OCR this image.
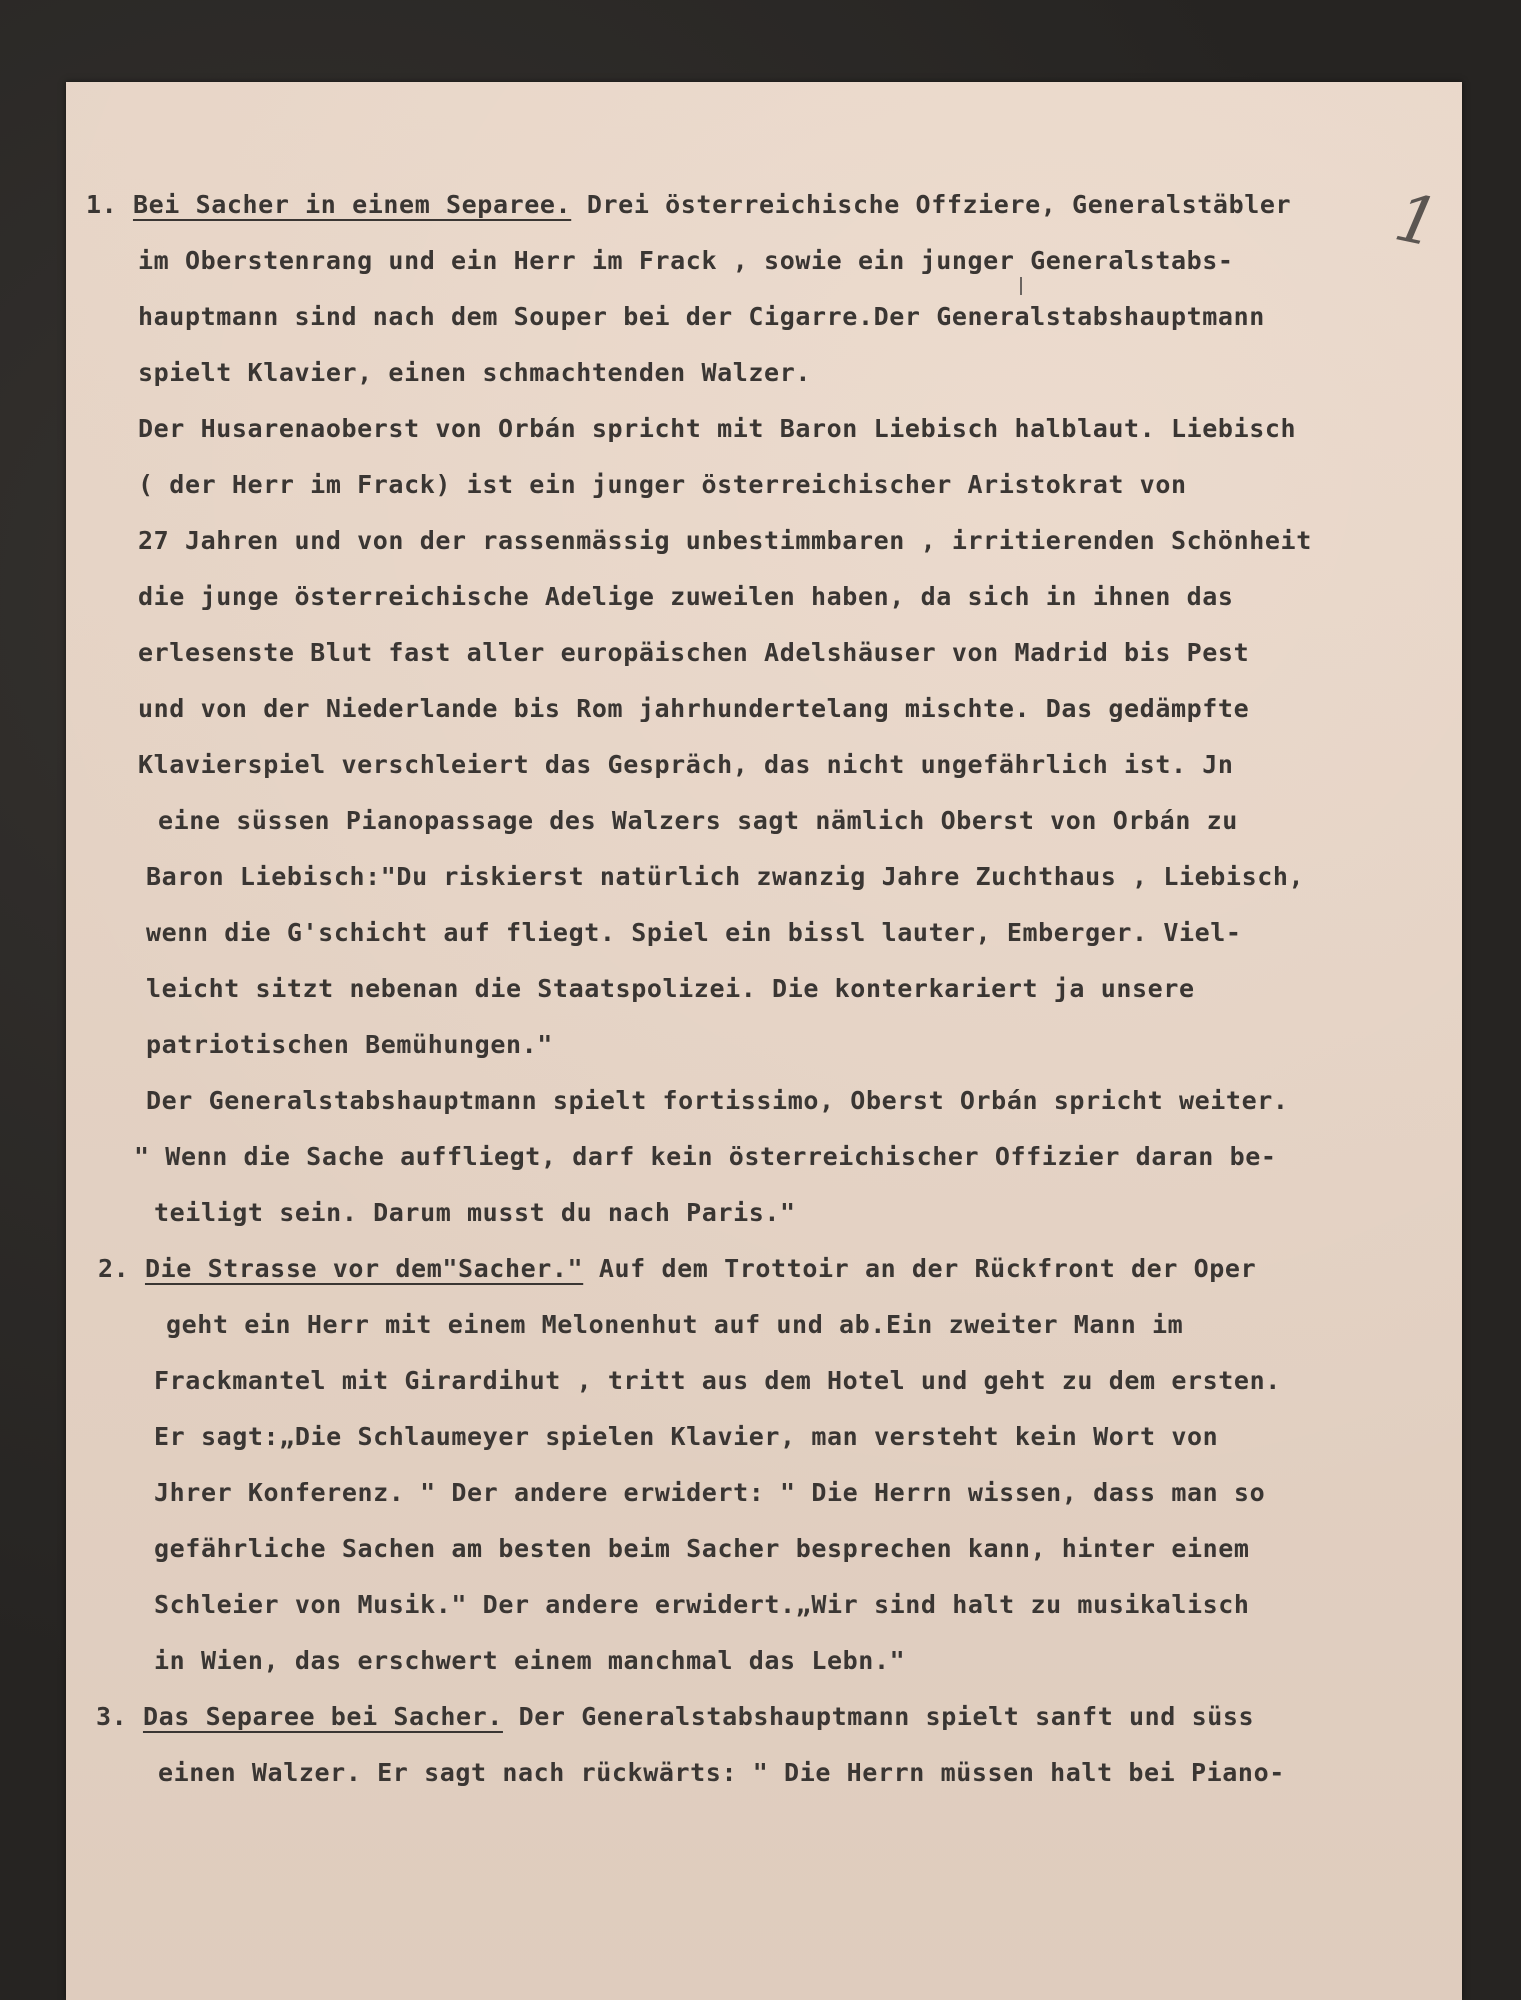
1
1. Bei Sacher in einem Separee. Drei österreichische Offziere, Generalstäbler
im Oberstenrang und ein Herr im Frack , sowie ein junger Generalstabs-
hauptmann sind nach dem Souper bei der Cigarre.Der Generalstabshauptmann
spielt Klavier, einen schmachtenden Walzer.
Der Husarenaoberst von Orbán spricht mit Baron Liebisch halblaut. Liebisch
( der Herr im Frack) ist ein junger österreichischer Aristokrat von
27 Jahren und von der rassenmässig unbestimmbaren , irritierenden Schönheit
die junge österreichische Adelige zuweilen haben, da sich in ihnen das
erlesenste Blut fast aller europäischen Adelshäuser von Madrid bis Pest
und von der Niederlande bis Rom jahrhundertelang mischte. Das gedämpfte
Klavierspiel verschleiert das Gespräch, das nicht ungefährlich ist. Jn
eine süssen Pianopassage des Walzers sagt nämlich Oberst von Orbán zu
Baron Liebisch:"Du riskierst natürlich zwanzig Jahre Zuchthaus , Liebisch,
wenn die G'schicht auf fliegt. Spiel ein bissl lauter, Emberger. Viel-
leicht sitzt nebenan die Staatspolizei. Die konterkariert ja unsere
patriotischen Bemühungen."
Der Generalstabshauptmann spielt fortissimo, Oberst Orbán spricht weiter.
" Wenn die Sache auffliegt, darf kein österreichischer Offizier daran be-
teiligt sein. Darum musst du nach Paris."
2. Die Strasse vor dem"Sacher." Auf dem Trottoir an der Rückfront der Oper
geht ein Herr mit einem Melonenhut auf und ab.Ein zweiter Mann im
Frackmantel mit Girardihut , tritt aus dem Hotel und geht zu dem ersten.
Er sagt:„Die Schlaumeyer spielen Klavier, man versteht kein Wort von
Jhrer Konferenz. " Der andere erwidert: " Die Herrn wissen, dass man so
gefährliche Sachen am besten beim Sacher besprechen kann, hinter einem
Schleier von Musik." Der andere erwidert.„Wir sind halt zu musikalisch
in Wien, das erschwert einem manchmal das Lebn."
3. Das Separee bei Sacher. Der Generalstabshauptmann spielt sanft und süss
einen Walzer. Er sagt nach rückwärts: " Die Herrn müssen halt bei Piano-
